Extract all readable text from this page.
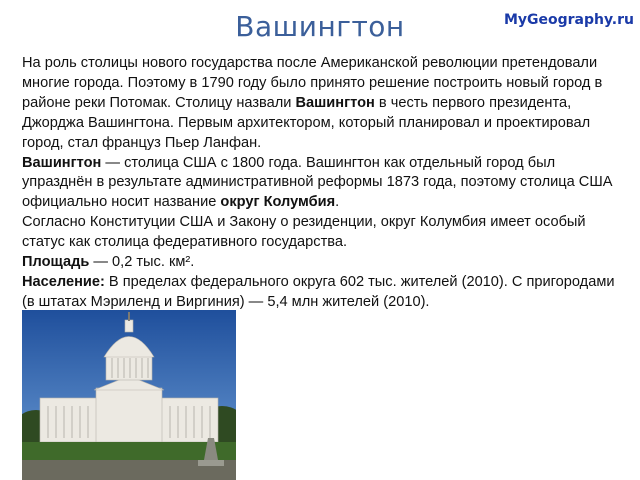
Вашингтон	MyGeography.ru

На роль столицы нового государства после Американской революции претендовали многие города. Поэтому в 1790 году было принято решение построить новый город в районе реки Потомак. Столицу назвали Вашингтон в честь первого президента, Джорджа Вашингтона. Первым архитектором, который планировал и проектировал город, стал француз Пьер Ланфан.

Вашингтон — столица США с 1800 года. Вашингтон как отдельный город был упразднён в результате административной реформы 1873 года, поэтому столица США официально носит название округ Колумбия.

Согласно Конституции США и Закону о резиденции, округ Колумбия имеет особый статус как столица федеративного государства.

Площадь — 0,2 тыс. км².

Население: В пределах федерального округа 602 тыс. жителей (2010). С пригородами (в штатах Мэриленд и Виргиния) — 5,4 млн жителей (2010).
